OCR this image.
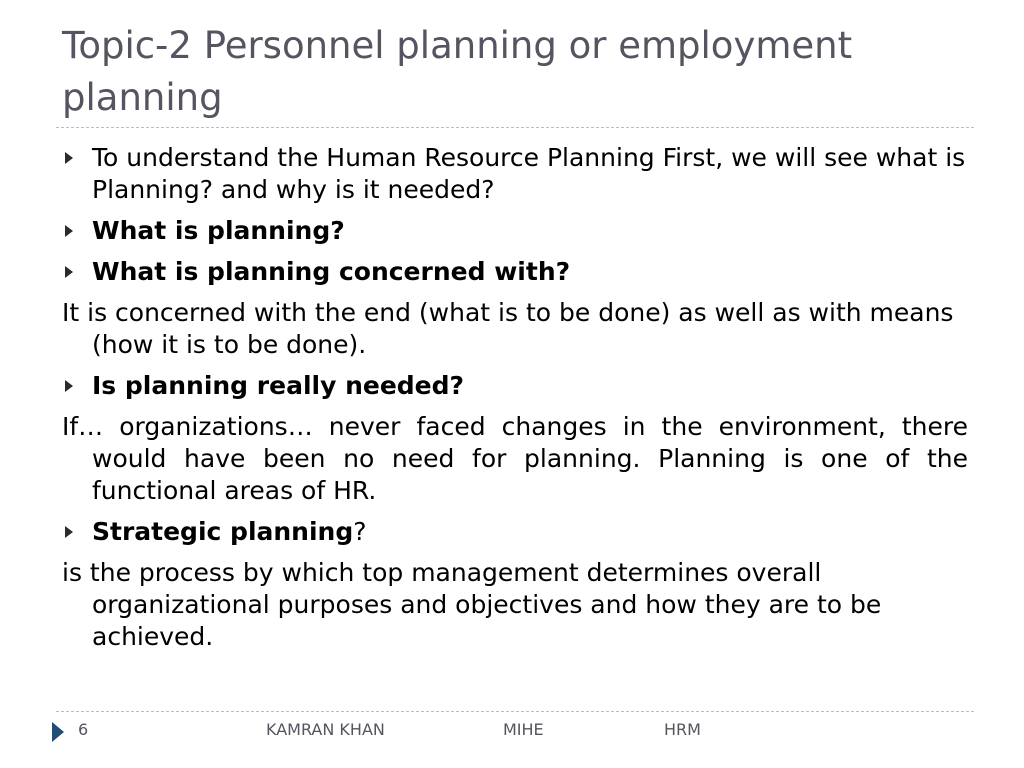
Topic-2 Personnel planning or employment planning

To understand the Human Resource Planning First, we will see what is Planning? and why is it needed?

What is planning?

What is planning concerned with?

It is concerned with the end (what is to be done) as well as with means (how it is to be done).

Is planning really needed?

If… organizations… never faced changes in the environment, there would have been no need for planning. Planning is one of the functional areas of HR.

Strategic planning?

is the process by which top management determines overall organizational purposes and objectives and how they are to be achieved.

6	KAMRAN KHAN	MIHE	HRM
